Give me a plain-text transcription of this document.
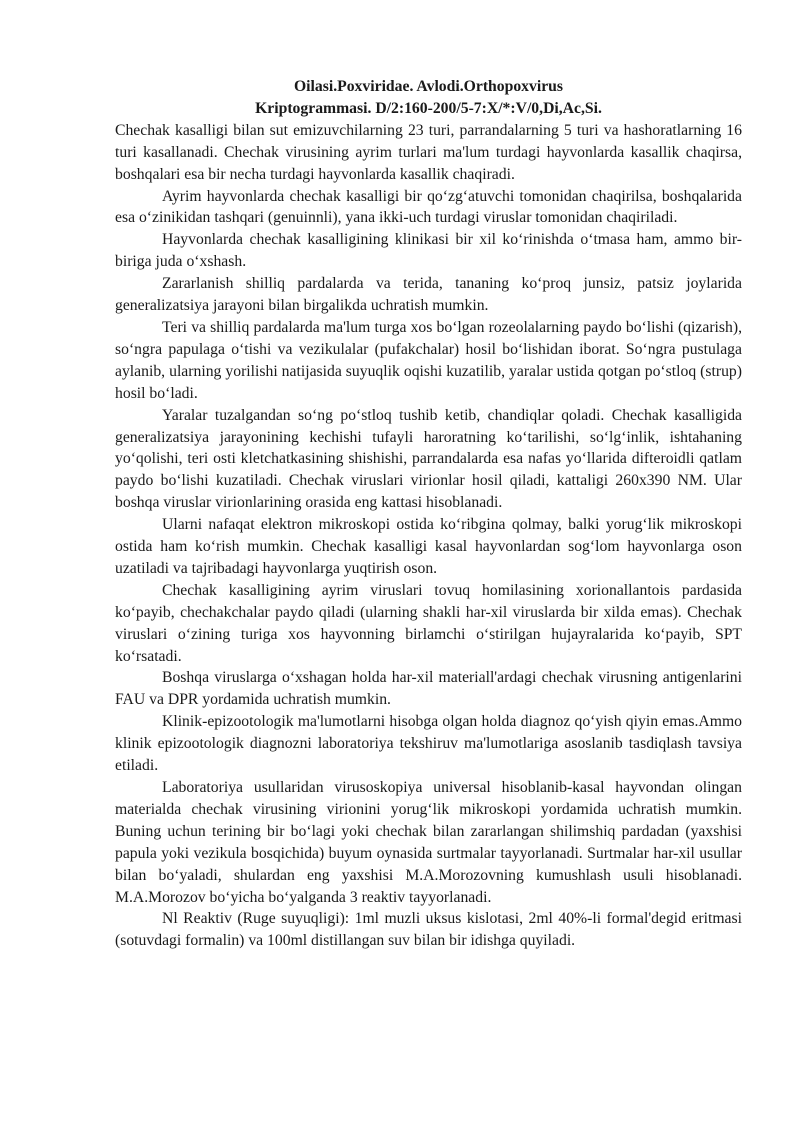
Oilasi.Poxviridae. Avlodi.Orthopoxvirus

Kriptogrammasi. D/2:160-200/5-7:X/*:V/0,Di,Ac,Si.

Chechak kasalligi bilan sut emizuvchilarning 23 turi, parrandalarning 5 turi va hashoratlarning 16 turi kasallanadi. Chechak virusining ayrim turlari ma'lum turdagi hayvonlarda kasallik chaqirsa, boshqalari esa bir necha turdagi hayvonlarda kasallik chaqiradi.

Ayrim hayvonlarda chechak kasalligi bir qo‘zg‘atuvchi tomonidan chaqirilsa, boshqalarida esa o‘zinikidan tashqari (genuinnli), yana ikki-uch turdagi viruslar tomonidan chaqiriladi.

Hayvonlarda chechak kasalligining klinikasi bir xil ko‘rinishda o‘tmasa ham, ammo bir-biriga juda o‘xshash.

Zararlanish shilliq pardalarda va terida, tananing ko‘proq junsiz, patsiz joylarida generalizatsiya jarayoni bilan birgalikda uchratish mumkin.

Teri va shilliq pardalarda ma'lum turga xos bo‘lgan rozeolalarning paydo bo‘lishi (qizarish), so‘ngra papulaga o‘tishi va vezikulalar (pufakchalar) hosil bo‘lishidan iborat. So‘ngra pustulaga aylanib, ularning yorilishi natijasida suyuqlik oqishi kuzatilib, yaralar ustida qotgan po‘stloq (strup) hosil bo‘ladi.

Yaralar tuzalgandan so‘ng po‘stloq tushib ketib, chandiqlar qoladi. Chechak kasalligida generalizatsiya jarayonining kechishi tufayli haroratning ko‘tarilishi, so‘lg‘inlik, ishtahaning yo‘qolishi, teri osti kletchatkasining shishishi, parrandalarda esa nafas yo‘llarida difteroidli qatlam paydo bo‘lishi kuzatiladi. Chechak viruslari virionlar hosil qiladi, kattaligi 260x390 NM. Ular boshqa viruslar virionlarining orasida eng kattasi hisoblanadi.

Ularni nafaqat elektron mikroskopi ostida ko‘ribgina qolmay, balki yorug‘lik mikroskopi ostida ham ko‘rish mumkin. Chechak kasalligi kasal hayvonlardan sog‘lom hayvonlarga oson uzatiladi va tajribadagi hayvonlarga yuqtirish oson.

Chechak kasalligining ayrim viruslari tovuq homilasining xorionallantois pardasida ko‘payib, chechakchalar paydo qiladi (ularning shakli har-xil viruslarda bir xilda emas). Chechak viruslari o‘zining turiga xos hayvonning birlamchi o‘stirilgan hujayralarida ko‘payib, SPT ko‘rsatadi.

Boshqa viruslarga o‘xshagan holda har-xil materiall'ardagi chechak virusning antigenlarini FAU va DPR yordamida uchratish mumkin.

Klinik-epizootologik ma'lumotlarni hisobga olgan holda diagnoz qo‘yish qiyin emas.Ammo klinik epizootologik diagnozni laboratoriya tekshiruv ma'lumotlariga asoslanib tasdiqlash tavsiya etiladi.

Laboratoriya usullaridan virusoskopiya universal hisoblanib-kasal hayvondan olingan materialda chechak virusining virionini yorug‘lik mikroskopi yordamida uchratish mumkin. Buning uchun terining bir bo‘lagi yoki chechak bilan zararlangan shilimshiq pardadan (yaxshisi papula yoki vezikula bosqichida) buyum oynasida surtmalar tayyorlanadi. Surtmalar har-xil usullar bilan bo‘yaladi, shulardan eng yaxshisi M.A.Morozovning kumushlash usuli hisoblanadi. M.A.Morozov bo‘yicha bo‘yalganda 3 reaktiv tayyorlanadi.

Nl Reaktiv (Ruge suyuqligi): 1ml muzli uksus kislotasi, 2ml 40%-li formal'degid eritmasi (sotuvdagi formalin) va 100ml distillangan suv bilan bir idishga quyiladi.
